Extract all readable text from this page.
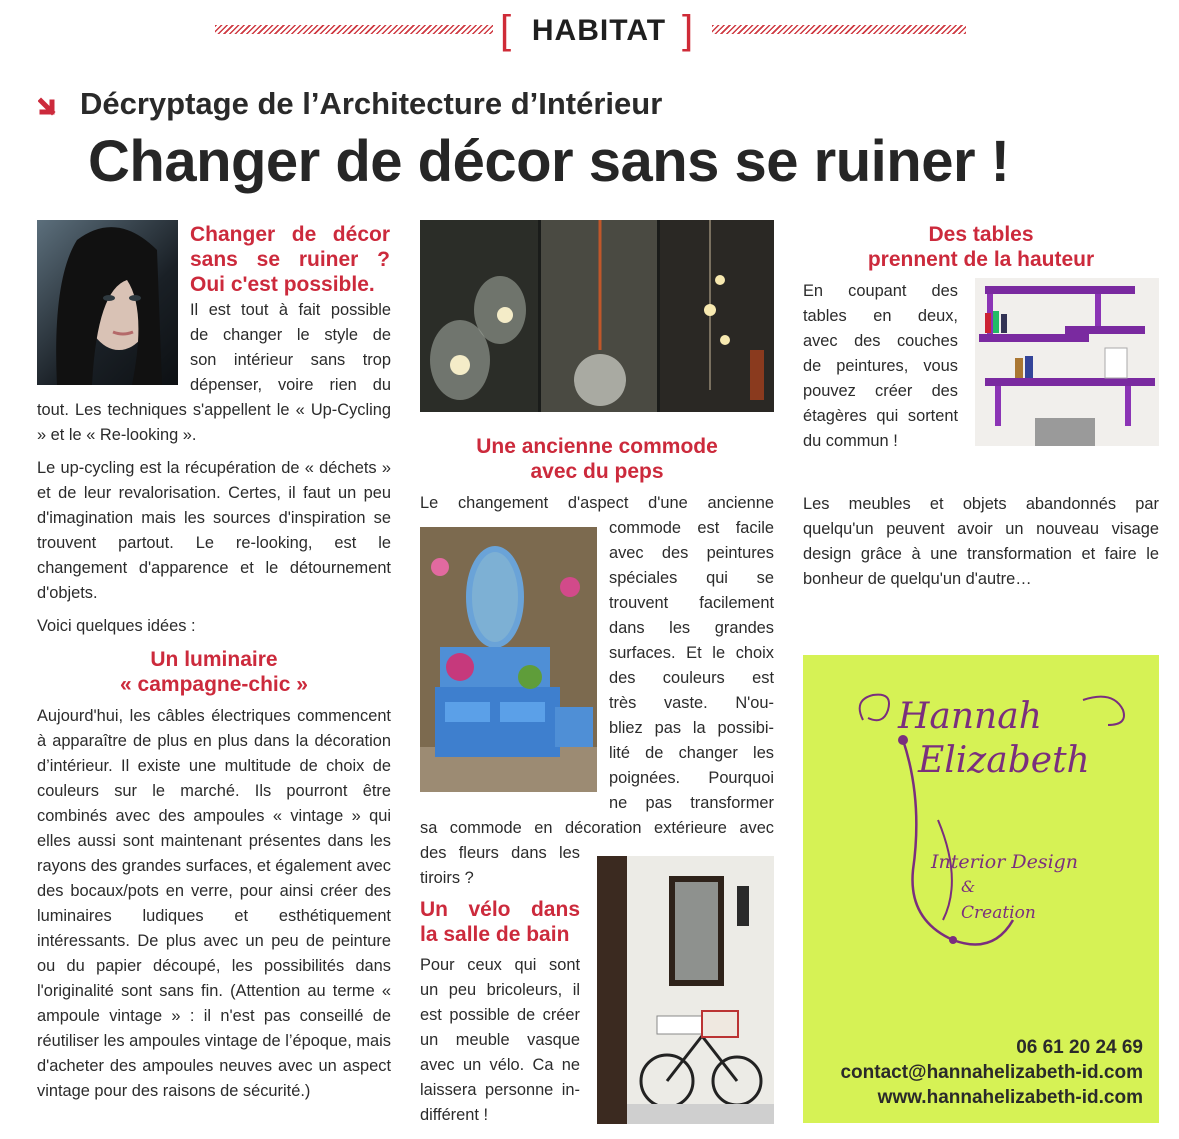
[ HABITAT ]
Décryptage de l’Architecture d’Intérieur
Changer de décor sans se ruiner !
Changer de décor
sans se ruiner ?
Oui c'est possible.
Il est tout à fait possible
de changer le style de
son intérieur sans trop
dépenser, voire rien du

tout. Les techniques s'appellent le « Up-Cycling » et le « Re-looking ».

Le up-cycling est la récupération de « déchets » et de leur revalorisation. Certes, il faut un peu d'imagination mais les sources d'inspiration se trouvent partout. Le re-looking, est le changement d'apparence et le détournement d'objets.

Voici quelques idées :

Un luminaire
« campagne-chic »
Aujourd'hui, les câbles électriques commencent à apparaître de plus en plus dans la décoration d’intérieur. Il existe une multitude de choix de couleurs sur le marché. Ils pourront être combinés avec des ampoules « vintage » qui elles aussi sont maintenant présentes dans les rayons des grandes surfaces, et également avec des bocaux/pots en verre, pour ainsi créer des luminaires ludiques et esthétiquement intéressants. De plus avec un peu de peinture ou du papier découpé, les possibilités dans l'originalité sont sans fin. (Attention au terme « ampoule vintage » : il n'est pas conseillé de réutiliser les ampoules vintage de l’époque, mais d'acheter des ampoules neuves avec un aspect vintage pour des raisons de sécurité.)
Une ancienne commode
avec du peps
Le changement d'aspect d'une ancienne
commode est facile
avec des peintures
spéciales qui se
trouvent facilement
dans les grandes
surfaces. Et le choix
des couleurs est
très vaste. N'ou-
bliez pas la possibi-
lité de changer les
poignées. Pourquoi
ne pas transformer
sa commode en décoration extérieure avec
des fleurs dans les
tiroirs ?
Un vélo dans
la salle de bain
Pour ceux qui sont
un peu bricoleurs, il
est possible de créer
un meuble vasque
avec un vélo. Ca ne
laissera personne in-
différent !
Des tables
prennent de la hauteur
En coupant des
tables en deux,
avec des couches
de peintures, vous
pouvez créer des
étagères qui sortent
du commun !
Les meubles et objets abandonnés par quelqu'un peuvent avoir un nouveau visage design grâce à une transformation et faire le bonheur de quelqu'un d'autre…
Hannah
Elizabeth
Interior Design
&
Creation
06 61 20 24 69
contact@hannahelizabeth-id.com
www.hannahelizabeth-id.com
